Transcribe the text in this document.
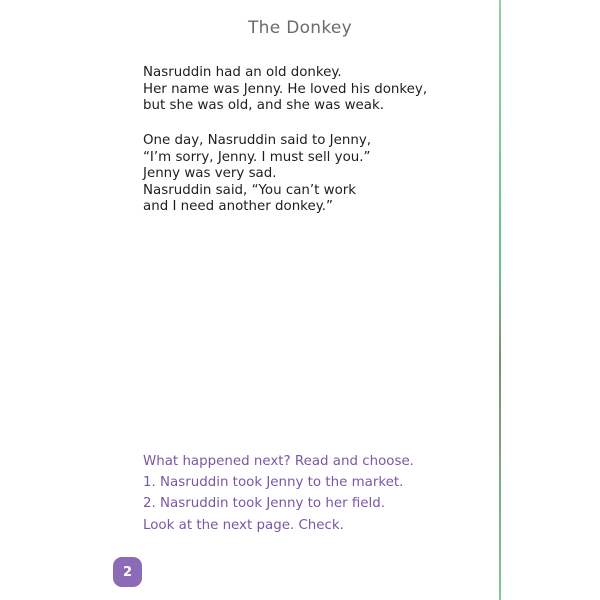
The Donkey
Nasruddin had an old donkey.
Her name was Jenny. He loved his donkey,
but she was old, and she was weak.
One day, Nasruddin said to Jenny,
“I’m sorry, Jenny. I must sell you.”
Jenny was very sad.
Nasruddin said, “You can’t work
and I need another donkey.”
What happened next? Read and choose.
1. Nasruddin took Jenny to the market.
2. Nasruddin took Jenny to her field.
Look at the next page. Check.
2
